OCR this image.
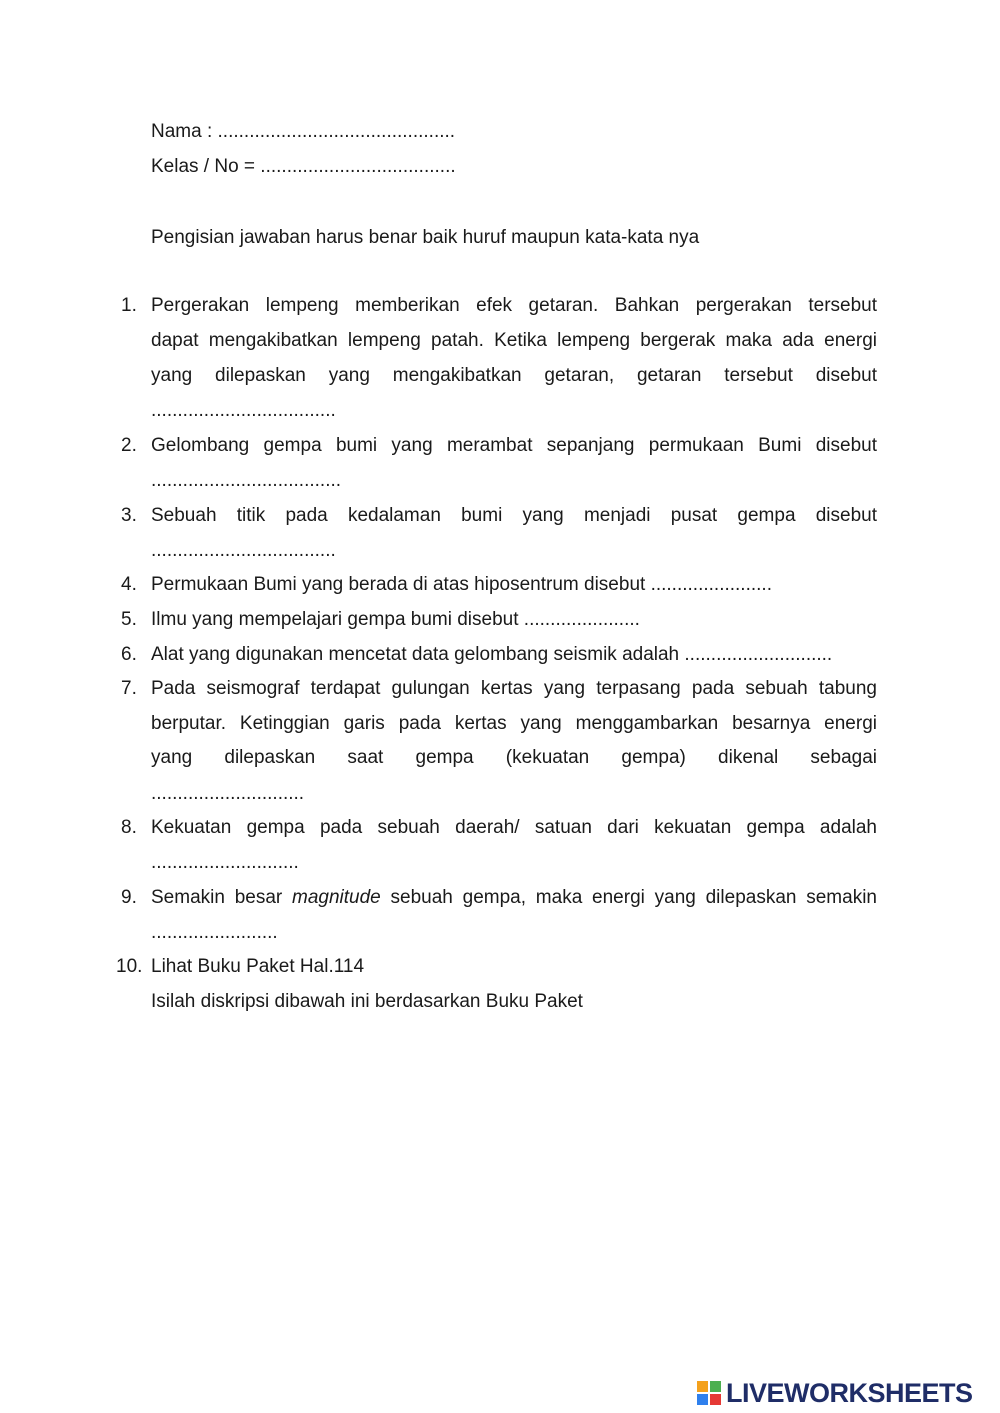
Nama : .............................................
Kelas / No = .....................................
Pengisian jawaban harus benar baik huruf maupun kata-kata nya
1. Pergerakan lempeng memberikan efek getaran. Bahkan pergerakan tersebut
dapat mengakibatkan lempeng patah. Ketika lempeng bergerak maka ada energi
yang dilepaskan yang mengakibatkan getaran, getaran tersebut disebut
...................................
2. Gelombang gempa bumi yang merambat sepanjang permukaan Bumi disebut
....................................
3. Sebuah titik pada kedalaman bumi yang menjadi pusat gempa disebut
...................................
4. Permukaan Bumi yang berada di atas hiposentrum disebut .......................
5. Ilmu yang mempelajari gempa bumi disebut ......................
6. Alat yang digunakan mencetat data gelombang seismik adalah ............................
7. Pada seismograf terdapat gulungan kertas yang terpasang pada sebuah tabung
berputar. Ketinggian garis pada kertas yang menggambarkan besarnya energi
yang dilepaskan saat gempa (kekuatan gempa) dikenal sebagai
.............................
8. Kekuatan gempa pada sebuah daerah/ satuan dari kekuatan gempa adalah
............................
9. Semakin besar magnitude sebuah gempa, maka energi yang dilepaskan semakin
........................
10. Lihat Buku Paket Hal.114
Isilah diskripsi dibawah ini berdasarkan Buku Paket
LIVEWORKSHEETS
